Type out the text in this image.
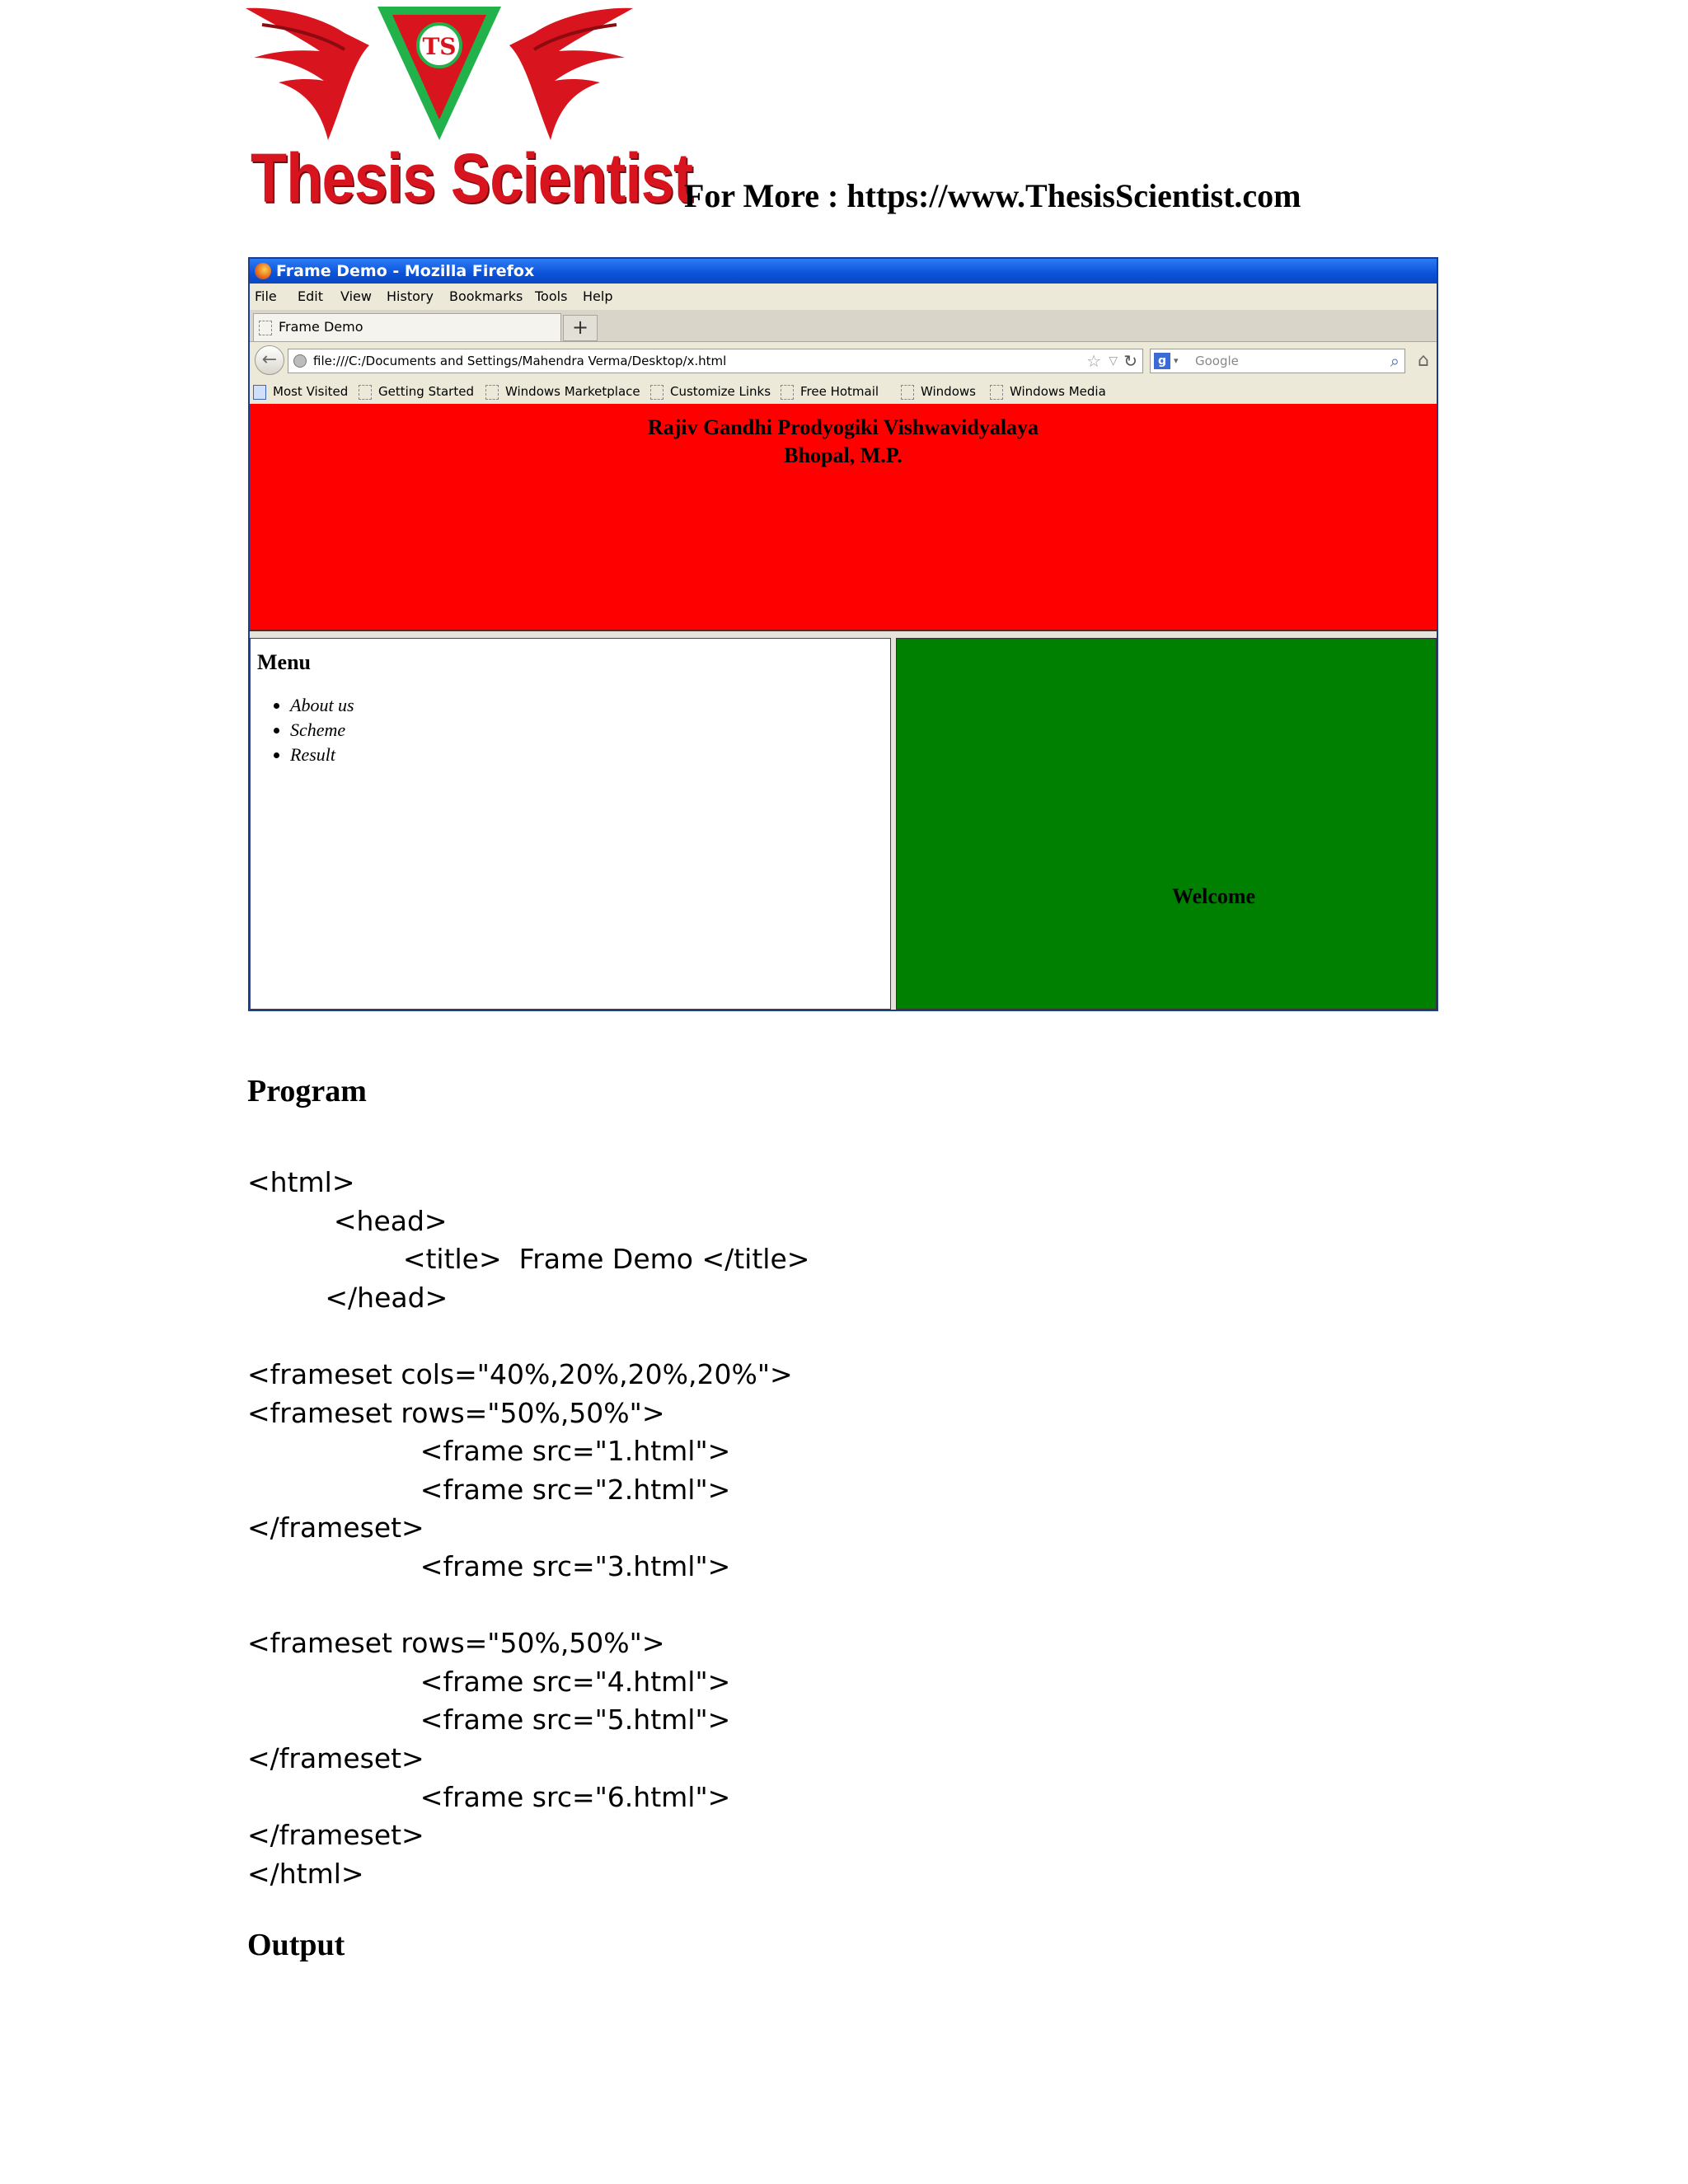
TS
Thesis Scientist
For More : https://www.ThesisScientist.com
Frame Demo - Mozilla Firefox
File Edit View History Bookmarks Tools Help
Frame Demo	+
←	file:///C:/Documents and Settings/Mahendra Verma/Desktop/x.html	☆ ▽ ↻	g ▾ Google	⌕	⌂
Most Visited	Getting Started	Windows Marketplace	Customize Links	Free Hotmail	Windows	Windows Media
Rajiv Gandhi Prodyogiki Vishwavidyalaya
Bhopal, M.P.
Menu
• About us
• Scheme
• Result
Welcome
Program
<html>
<head>
<title>  Frame Demo </title>
</head>
<frameset cols="40%,20%,20%,20%">
<frameset rows="50%,50%">
<frame src="1.html">
<frame src="2.html">
</frameset>
<frame src="3.html">
<frameset rows="50%,50%">
<frame src="4.html">
<frame src="5.html">
</frameset>
<frame src="6.html">
</frameset>
</html>
Output
